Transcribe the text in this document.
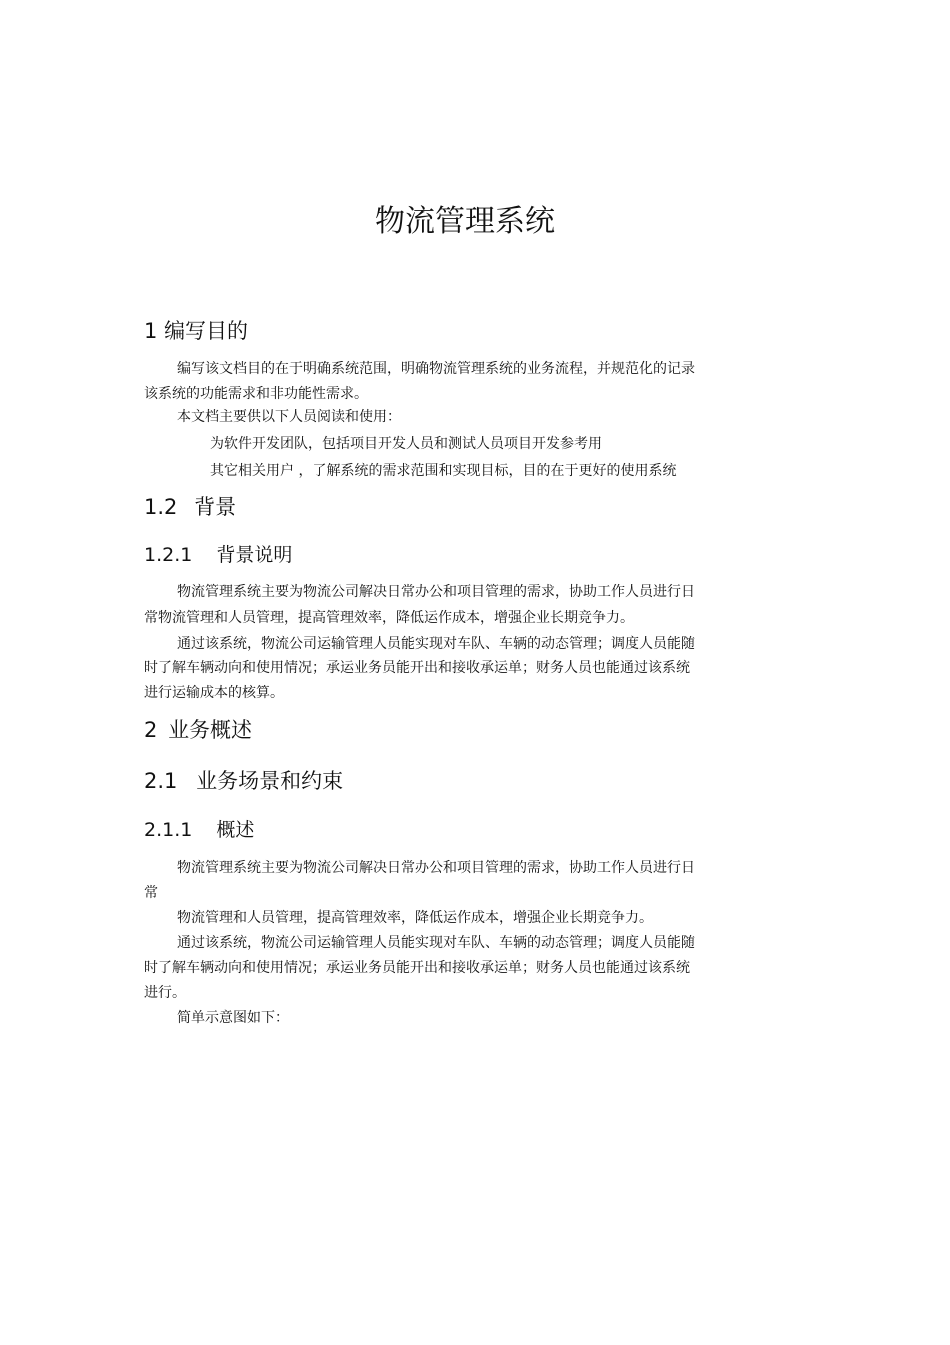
物流管理系统
1 编写目的
编写该文档目的在于明确系统范围，明确物流管理系统的业务流程，并规范化的记录
该系统的功能需求和非功能性需求。
本文档主要供以下人员阅读和使用：
为软件开发团队，包括项目开发人员和测试人员项目开发参考用
其它相关用户 ，了解系统的需求范围和实现目标，目的在于更好的使用系统
1.2 背景
1.2.1 背景说明
物流管理系统主要为物流公司解决日常办公和项目管理的需求，协助工作人员进行日
常物流管理和人员管理，提高管理效率，降低运作成本，增强企业长期竞争力。
通过该系统，物流公司运输管理人员能实现对车队、车辆的动态管理；调度人员能随
时了解车辆动向和使用情况；承运业务员能开出和接收承运单；财务人员也能通过该系统
进行运输成本的核算。
2 业务概述
2.1 业务场景和约束
2.1.1 概述
物流管理系统主要为物流公司解决日常办公和项目管理的需求，协助工作人员进行日
常
物流管理和人员管理，提高管理效率，降低运作成本，增强企业长期竞争力。
通过该系统，物流公司运输管理人员能实现对车队、车辆的动态管理；调度人员能随
时了解车辆动向和使用情况；承运业务员能开出和接收承运单；财务人员也能通过该系统
进行。
简单示意图如下：
